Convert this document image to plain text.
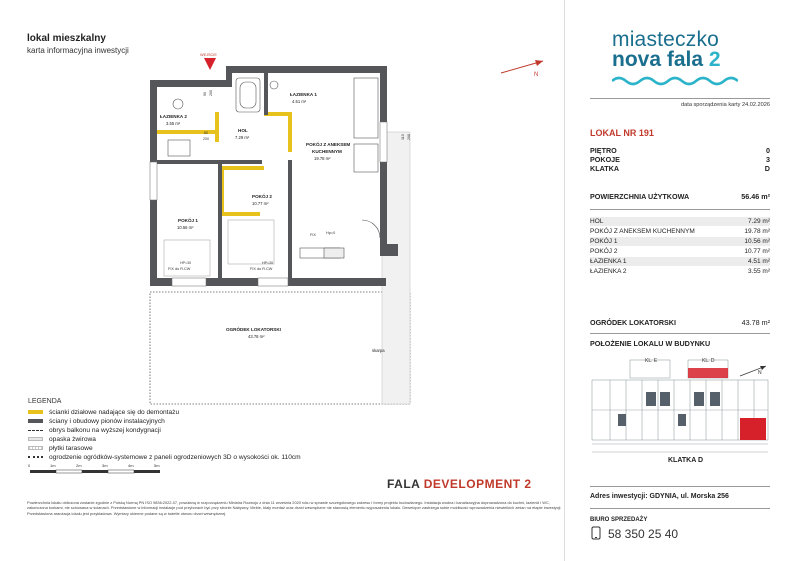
lokal mieszkalny
karta informacyjna inwestycji
N
miasteczko
nova fala 2
data sporządzenia karty 24.02.2026
LOKAL NR 191
PIĘTRO	0
POKOJE	3
KLATKA	D
POWIERZCHNIA UŻYTKOWA	56.46 m²
HOL	7.29 m²
POKÓJ Z ANEKSEM KUCHENNYM	19.78 m²
POKÓJ 1	10.56 m²
POKÓJ 2	10.77 m²
ŁAZIENKA 1	4.51 m²
ŁAZIENKA 2	3.55 m²
OGRÓDEK LOKATORSKI	43.78 m²
POŁOŻENIE LOKALU W BUDYNKU
KL. E	KL. D
N
KLATKA D
WEJŚCIE
ŁAZIENKA 1
4.51 m²
ŁAZIENKA 2
3.55 m²
HOL
7.29 m²
POKÓJ Z ANEKSEM
KUCHENNYM
19.78 m²
POKÓJ 2
10.77 m²
POKÓJ 1
10.56 m²
OGRÓDEK LOKATORSKI
43.78 m²
skarpa
90 200
80
200	110 208
FIX	Hp=0
FIX do R.CW	FIX do R.CW
HP=30	HP=30
LEGENDA
ścianki działowe nadające się do demontażu
ściany i obudowy pionów instalacyjnych
obrys balkonu na wyższej kondygnacji
opaska żwirowa
płytki tarasowe
ogrodzenie ogródków-systemowe z paneli ogrodzeniowych 3D o wysokości ok. 110cm
0	1m	2m	3m	4m	5m
FALA DEVELOPMENT 2
Powierzchnia lokalu obliczona zostanie zgodnie z Polską Normą PN ISO 9836:2022-07, powołaną w rozporządzeniu Ministra Rozwoju z dnia 11 września 2020 roku w sprawie szczegółowego zakresu i formy projektu budowlanego. Instalacja wodna i kanalizacyjna doprowadzona do kuchni, łazienki i WC, zakończona korkami, nie schowana w ścianach. Przedstawione w informacji instalacje pod przyborach być przy stronie Nabywcy. Meble, biały montaż oraz drzwi wewnętrzne nie stanowią elementu wyposażenia lokalu. Deweloper zastrzega sobie możliwość wprowadzenia niewielkich zmian na etapie inwestycji. Przedstawiona aranżacja lokalu jest przykładowa. Wymiary okienne podane są w świetle otworu drzwi wewnętrznej.
Adres inwestycji: GDYNIA, ul. Morska 256
BIURO SPRZEDAŻY
58 350 25 40
